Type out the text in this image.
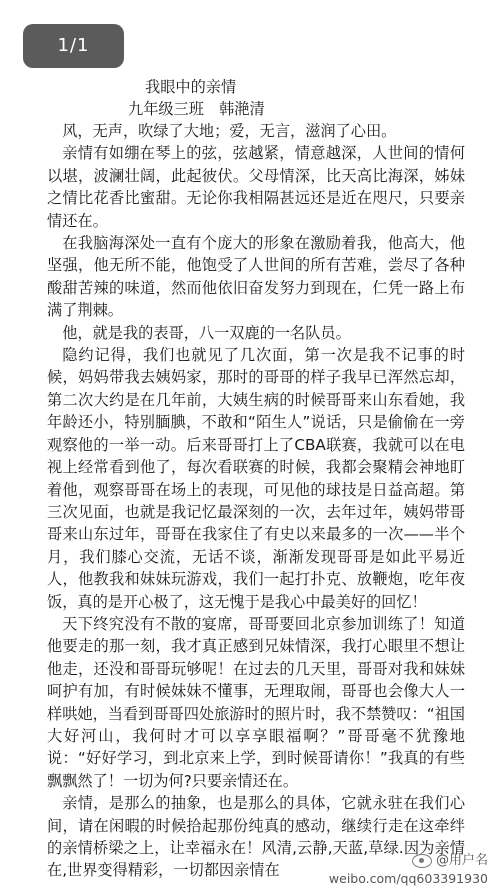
1/1
我眼中的亲情
九年级三班　韩滟清

风，无声，吹绿了大地；爱，无言，滋润了心田。

亲情有如绷在琴上的弦，弦越紧，情意越深，人世间的情何以堪，波澜壮阔，此起彼伏。父母情深，比天高比海深，姊妹之情比花香比蜜甜。无论你我相隔甚远还是近在咫尺，只要亲情还在。

在我脑海深处一直有个庞大的形象在激励着我，他高大，他坚强，他无所不能，他饱受了人世间的所有苦难，尝尽了各种酸甜苦辣的味道，然而他依旧奋发努力到现在，仁凭一路上布满了荆棘。

他，就是我的表哥，八一双鹿的一名队员。

隐约记得，我们也就见了几次面，第一次是我不记事的时候，妈妈带我去姨妈家，那时的哥哥的样子我早已浑然忘却，第二次大约是在几年前，大姨生病的时候哥哥来山东看她，我年龄还小，特别腼腆，不敢和“陌生人”说话，只是偷偷在一旁观察他的一举一动。后来哥哥打上了CBA联赛，我就可以在电视上经常看到他了，每次看联赛的时候，我都会聚精会神地盯着他，观察哥哥在场上的表现，可见他的球技是日益高超。第三次见面，也就是我记忆最深刻的一次，去年过年，姨妈带哥哥来山东过年，哥哥在我家住了有史以来最多的一次——半个月，我们膝心交流，无话不谈，渐渐发现哥哥是如此平易近人，他教我和妹妹玩游戏，我们一起打扑克、放鞭炮，吃年夜饭，真的是开心极了，这无愧于是我心中最美好的回忆！

天下终究没有不散的宴席，哥哥要回北京参加训练了！知道他要走的那一刻，我才真正感到兄妹情深，我打心眼里不想让他走，还没和哥哥玩够呢！在过去的几天里，哥哥对我和妹妹呵护有加，有时候妹妹不懂事，无理取闹，哥哥也会像大人一样哄她，当看到哥哥四处旅游时的照片时，我不禁赞叹：“祖国大好河山，我何时才可以享享眼福啊？”哥哥毫不犹豫地说：“好好学习，到北京来上学，到时候哥请你！”我真的有些飘飘然了！一切为何?只要亲情还在。

亲情，是那么的抽象，也是那么的具体，它就永驻在我们心间，请在闲暇的时候拾起那份纯真的感动，继续行走在这牵绊的亲情桥梁之上，让幸福永在！风清,云静,天蓝,草绿.因为亲情在,世界变得精彩，一切都因亲情在

@用户名
weibo.com/qq603391930
